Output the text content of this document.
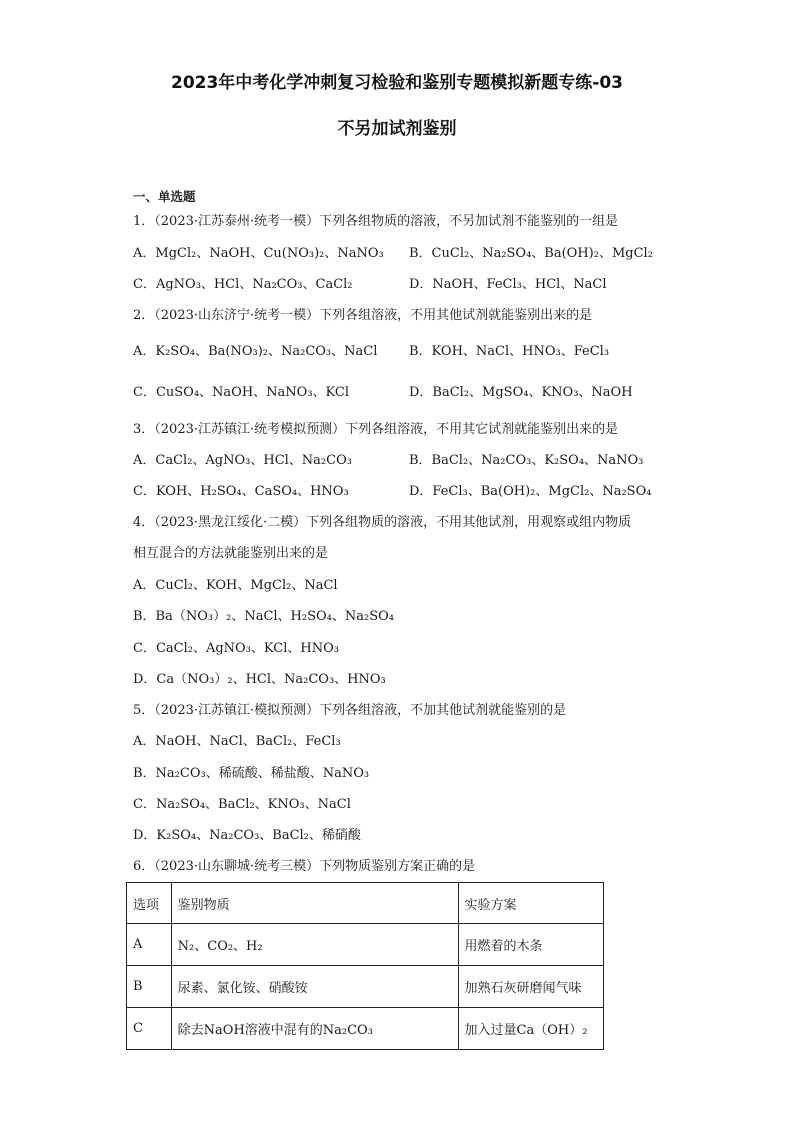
2023年中考化学冲刺复习检验和鉴别专题模拟新题专练-03
不另加试剂鉴别
一、单选题
1．（2023·江苏泰州·统考一模）下列各组物质的溶液，不另加试剂不能鉴别的一组是
A．MgCl₂、NaOH、Cu(NO₃)₂、NaNO₃ B．CuCl₂、Na₂SO₄、Ba(OH)₂、MgCl₂
C．AgNO₃、HCl、Na₂CO₃、CaCl₂	D．NaOH、FeCl₃、HCl、NaCl
2．（2023·山东济宁·统考一模）下列各组溶液，不用其他试剂就能鉴别出来的是
A．K₂SO₄、Ba(NO₃)₂、Na₂CO₃、NaCl B．KOH、NaCl、HNO₃、FeCl₃
C．CuSO₄、NaOH、NaNO₃、KCl	D．BaCl₂、MgSO₄、KNO₃、NaOH
3．（2023·江苏镇江·统考模拟预测）下列各组溶液，不用其它试剂就能鉴别出来的是
A．CaCl₂、AgNO₃、HCl、Na₂CO₃	B．BaCl₂、Na₂CO₃、K₂SO₄、NaNO₃
C．KOH、H₂SO₄、CaSO₄、HNO₃	D．FeCl₃、Ba(OH)₂、MgCl₂、Na₂SO₄
4．（2023·黑龙江绥化·二模）下列各组物质的溶液，不用其他试剂，用观察或组内物质
相互混合的方法就能鉴别出来的是
A．CuCl₂、KOH、MgCl₂、NaCl
B．Ba（NO₃）₂、NaCl、H₂SO₄、Na₂SO₄
C．CaCl₂、AgNO₃、KCl、HNO₃
D．Ca（NO₃）₂、HCl、Na₂CO₃、HNO₃
5．（2023·江苏镇江·模拟预测）下列各组溶液，不加其他试剂就能鉴别的是
A．NaOH、NaCl、BaCl₂、FeCl₃
B．Na₂CO₃、稀硫酸、稀盐酸、NaNO₃
C．Na₂SO₄、BaCl₂、KNO₃、NaCl
D．K₂SO₄、Na₂CO₃、BaCl₂、稀硝酸
6．（2023·山东聊城·统考三模）下列物质鉴别方案正确的是
选项	鉴别物质	实验方案
A	N₂、CO₂、H₂	用燃着的木条
B	尿素、氯化铵、硝酸铵	加熟石灰研磨闻气味
C	除去NaOH溶液中混有的Na₂CO₃	加入过量Ca（OH）₂
